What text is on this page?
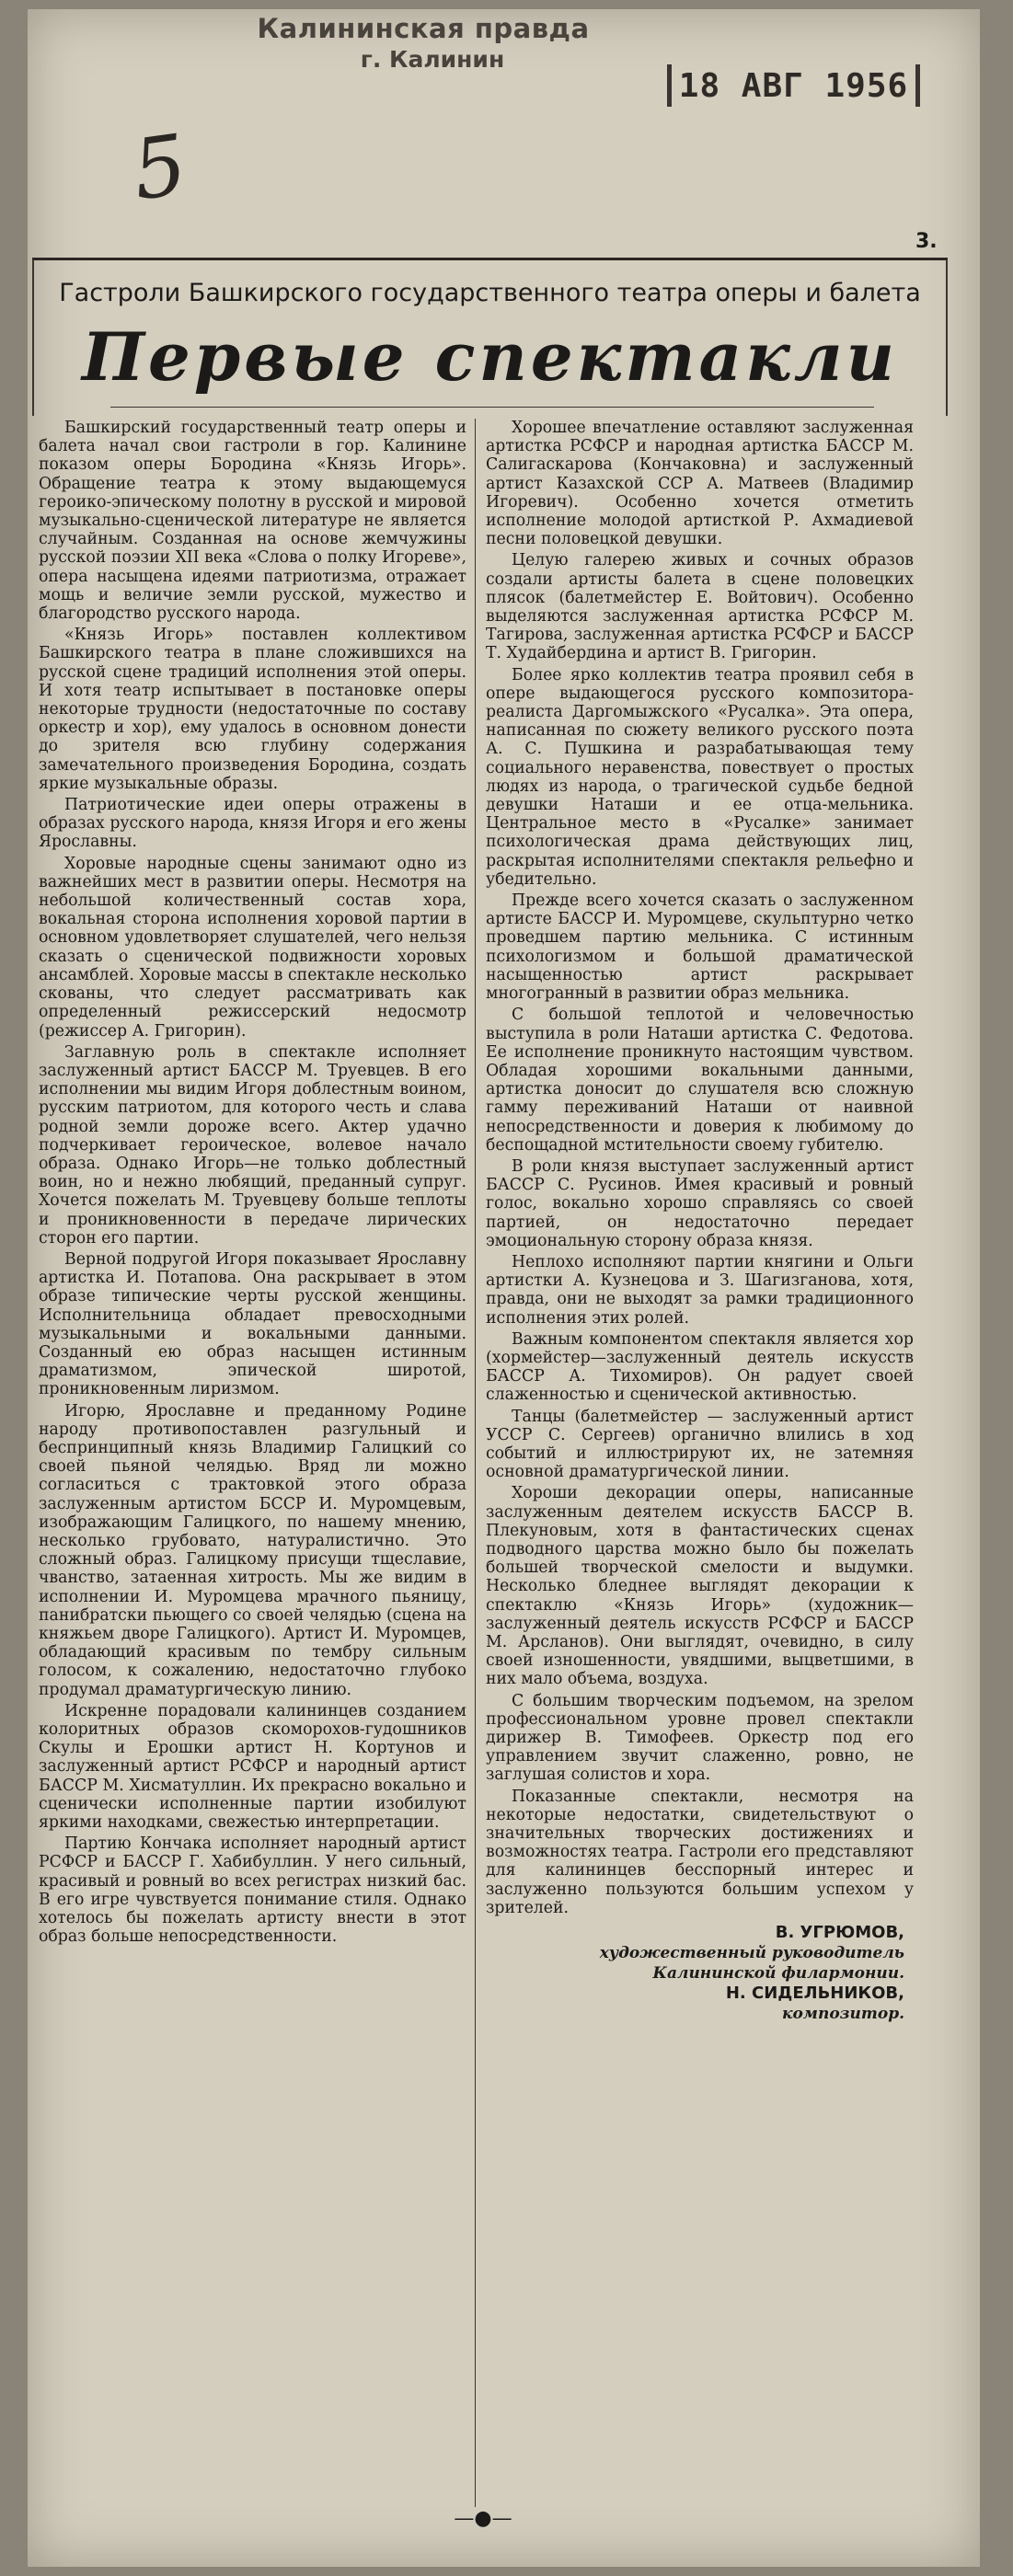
Калининская правда
г. Калинин
18 АВГ 1956
5
3.
Гастроли Башкирского государственного театра оперы и балета
Первые спектакли

Башкирский государственный театр оперы и балета начал свои гастроли в гор. Калинине показом оперы Бородина «Князь Игорь». Обращение театра к этому выдающемуся героико-эпическому полотну в русской и мировой музыкально-сценической литературе не является случайным. Созданная на основе жемчужины русской поэзии XII века «Слова о полку Игореве», опера насыщена идеями патриотизма, отражает мощь и величие земли русской, мужество и благородство русского народа.

«Князь Игорь» поставлен коллективом Башкирского театра в плане сложившихся на русской сцене традиций исполнения этой оперы. И хотя театр испытывает в постановке оперы некоторые трудности (недостаточные по составу оркестр и хор), ему удалось в основном донести до зрителя всю глубину содержания замечательного произведения Бородина, создать яркие музыкальные образы.

Патриотические идеи оперы отражены в образах русского народа, князя Игоря и его жены Ярославны.

Хоровые народные сцены занимают одно из важнейших мест в развитии оперы. Несмотря на небольшой количественный состав хора, вокальная сторона исполнения хоровой партии в основном удовлетворяет слушателей, чего нельзя сказать о сценической подвижности хоровых ансамблей. Хоровые массы в спектакле несколько скованы, что следует рассматривать как определенный режиссерский недосмотр (режиссер А. Григорин).

Заглавную роль в спектакле исполняет заслуженный артист БАССР М. Труевцев. В его исполнении мы видим Игоря доблестным воином, русским патриотом, для которого честь и слава родной земли дороже всего. Актер удачно подчеркивает героическое, волевое начало образа. Однако Игорь—не только доблестный воин, но и нежно любящий, преданный супруг. Хочется пожелать М. Труевцеву больше теплоты и проникновенности в передаче лирических сторон его партии.

Верной подругой Игоря показывает Ярославну артистка И. Потапова. Она раскрывает в этом образе типические черты русской женщины. Исполнительница обладает превосходными музыкальными и вокальными данными. Созданный ею образ насыщен истинным драматизмом, эпической широтой, проникновенным лиризмом.

Игорю, Ярославне и преданному Родине народу противопоставлен разгульный и беспринципный князь Владимир Галицкий со своей пьяной челядью. Вряд ли можно согласиться с трактовкой этого образа заслуженным артистом БССР И. Муромцевым, изображающим Галицкого, по нашему мнению, несколько грубовато, натуралистично. Это сложный образ. Галицкому присущи тщеславие, чванство, затаенная хитрость. Мы же видим в исполнении И. Муромцева мрачного пьяницу, панибратски пьющего со своей челядью (сцена на княжьем дворе Галицкого). Артист И. Муромцев, обладающий красивым по тембру сильным голосом, к сожалению, недостаточно глубоко продумал драматургическую линию.

Искренне порадовали калининцев созданием колоритных образов скоморохов-гудошников Скулы и Ерошки артист Н. Кортунов и заслуженный артист РСФСР и народный артист БАССР М. Хисматуллин. Их прекрасно вокально и сценически исполненные партии изобилуют яркими находками, свежестью интерпретации.

Партию Кончака исполняет народный артист РСФСР и БАССР Г. Хабибуллин. У него сильный, красивый и ровный во всех регистрах низкий бас. В его игре чувствуется понимание стиля. Однако хотелось бы пожелать артисту внести в этот образ больше непосредственности.

Хорошее впечатление оставляют заслуженная артистка РСФСР и народная артистка БАССР М. Салигаскарова (Кончаковна) и заслуженный артист Казахской ССР А. Матвеев (Владимир Игоревич). Особенно хочется отметить исполнение молодой артисткой Р. Ахмадиевой песни половецкой девушки.

Целую галерею живых и сочных образов создали артисты балета в сцене половецких плясок (балетмейстер Е. Войтович). Особенно выделяются заслуженная артистка РСФСР М. Тагирова, заслуженная артистка РСФСР и БАССР Т. Худайбердина и артист В. Григорин.

Более ярко коллектив театра проявил себя в опере выдающегося русского композитора-реалиста Даргомыжского «Русалка». Эта опера, написанная по сюжету великого русского поэта А. С. Пушкина и разрабатывающая тему социального неравенства, повествует о простых людях из народа, о трагической судьбе бедной девушки Наташи и ее отца-мельника. Центральное место в «Русалке» занимает психологическая драма действующих лиц, раскрытая исполнителями спектакля рельефно и убедительно.

Прежде всего хочется сказать о заслуженном артисте БАССР И. Муромцеве, скульптурно четко проведшем партию мельника. С истинным психологизмом и большой драматической насыщенностью артист раскрывает многогранный в развитии образ мельника.

С большой теплотой и человечностью выступила в роли Наташи артистка С. Федотова. Ее исполнение проникнуто настоящим чувством. Обладая хорошими вокальными данными, артистка доносит до слушателя всю сложную гамму переживаний Наташи от наивной непосредственности и доверия к любимому до беспощадной мстительности своему губителю.

В роли князя выступает заслуженный артист БАССР С. Русинов. Имея красивый и ровный голос, вокально хорошо справляясь со своей партией, он недостаточно передает эмоциональную сторону образа князя.

Неплохо исполняют партии княгини и Ольги артистки А. Кузнецова и З. Шагизганова, хотя, правда, они не выходят за рамки традиционного исполнения этих ролей.

Важным компонентом спектакля является хор (хормейстер—заслуженный деятель искусств БАССР А. Тихомиров). Он радует своей слаженностью и сценической активностью.

Танцы (балетмейстер — заслуженный артист УССР С. Сергеев) органично влились в ход событий и иллюстрируют их, не затемняя основной драматургической линии.

Хороши декорации оперы, написанные заслуженным деятелем искусств БАССР В. Плекуновым, хотя в фантастических сценах подводного царства можно было бы пожелать большей творческой смелости и выдумки. Несколько бледнее выглядят декорации к спектаклю «Князь Игорь» (художник—заслуженный деятель искусств РСФСР и БАССР М. Арсланов). Они выглядят, очевидно, в силу своей изношенности, увядшими, выцветшими, в них мало объема, воздуха.

С большим творческим подъемом, на зрелом профессиональном уровне провел спектакли дирижер В. Тимофеев. Оркестр под его управлением звучит слаженно, ровно, не заглушая солистов и хора.

Показанные спектакли, несмотря на некоторые недостатки, свидетельствуют о значительных творческих достижениях и возможностях театра. Гастроли его представляют для калининцев бесспорный интерес и заслуженно пользуются большим успехом у зрителей.

В. УГРЮМОВ,
художественный руководитель Калининской филармонии.
Н. СИДЕЛЬНИКОВ,
композитор.
—●—
